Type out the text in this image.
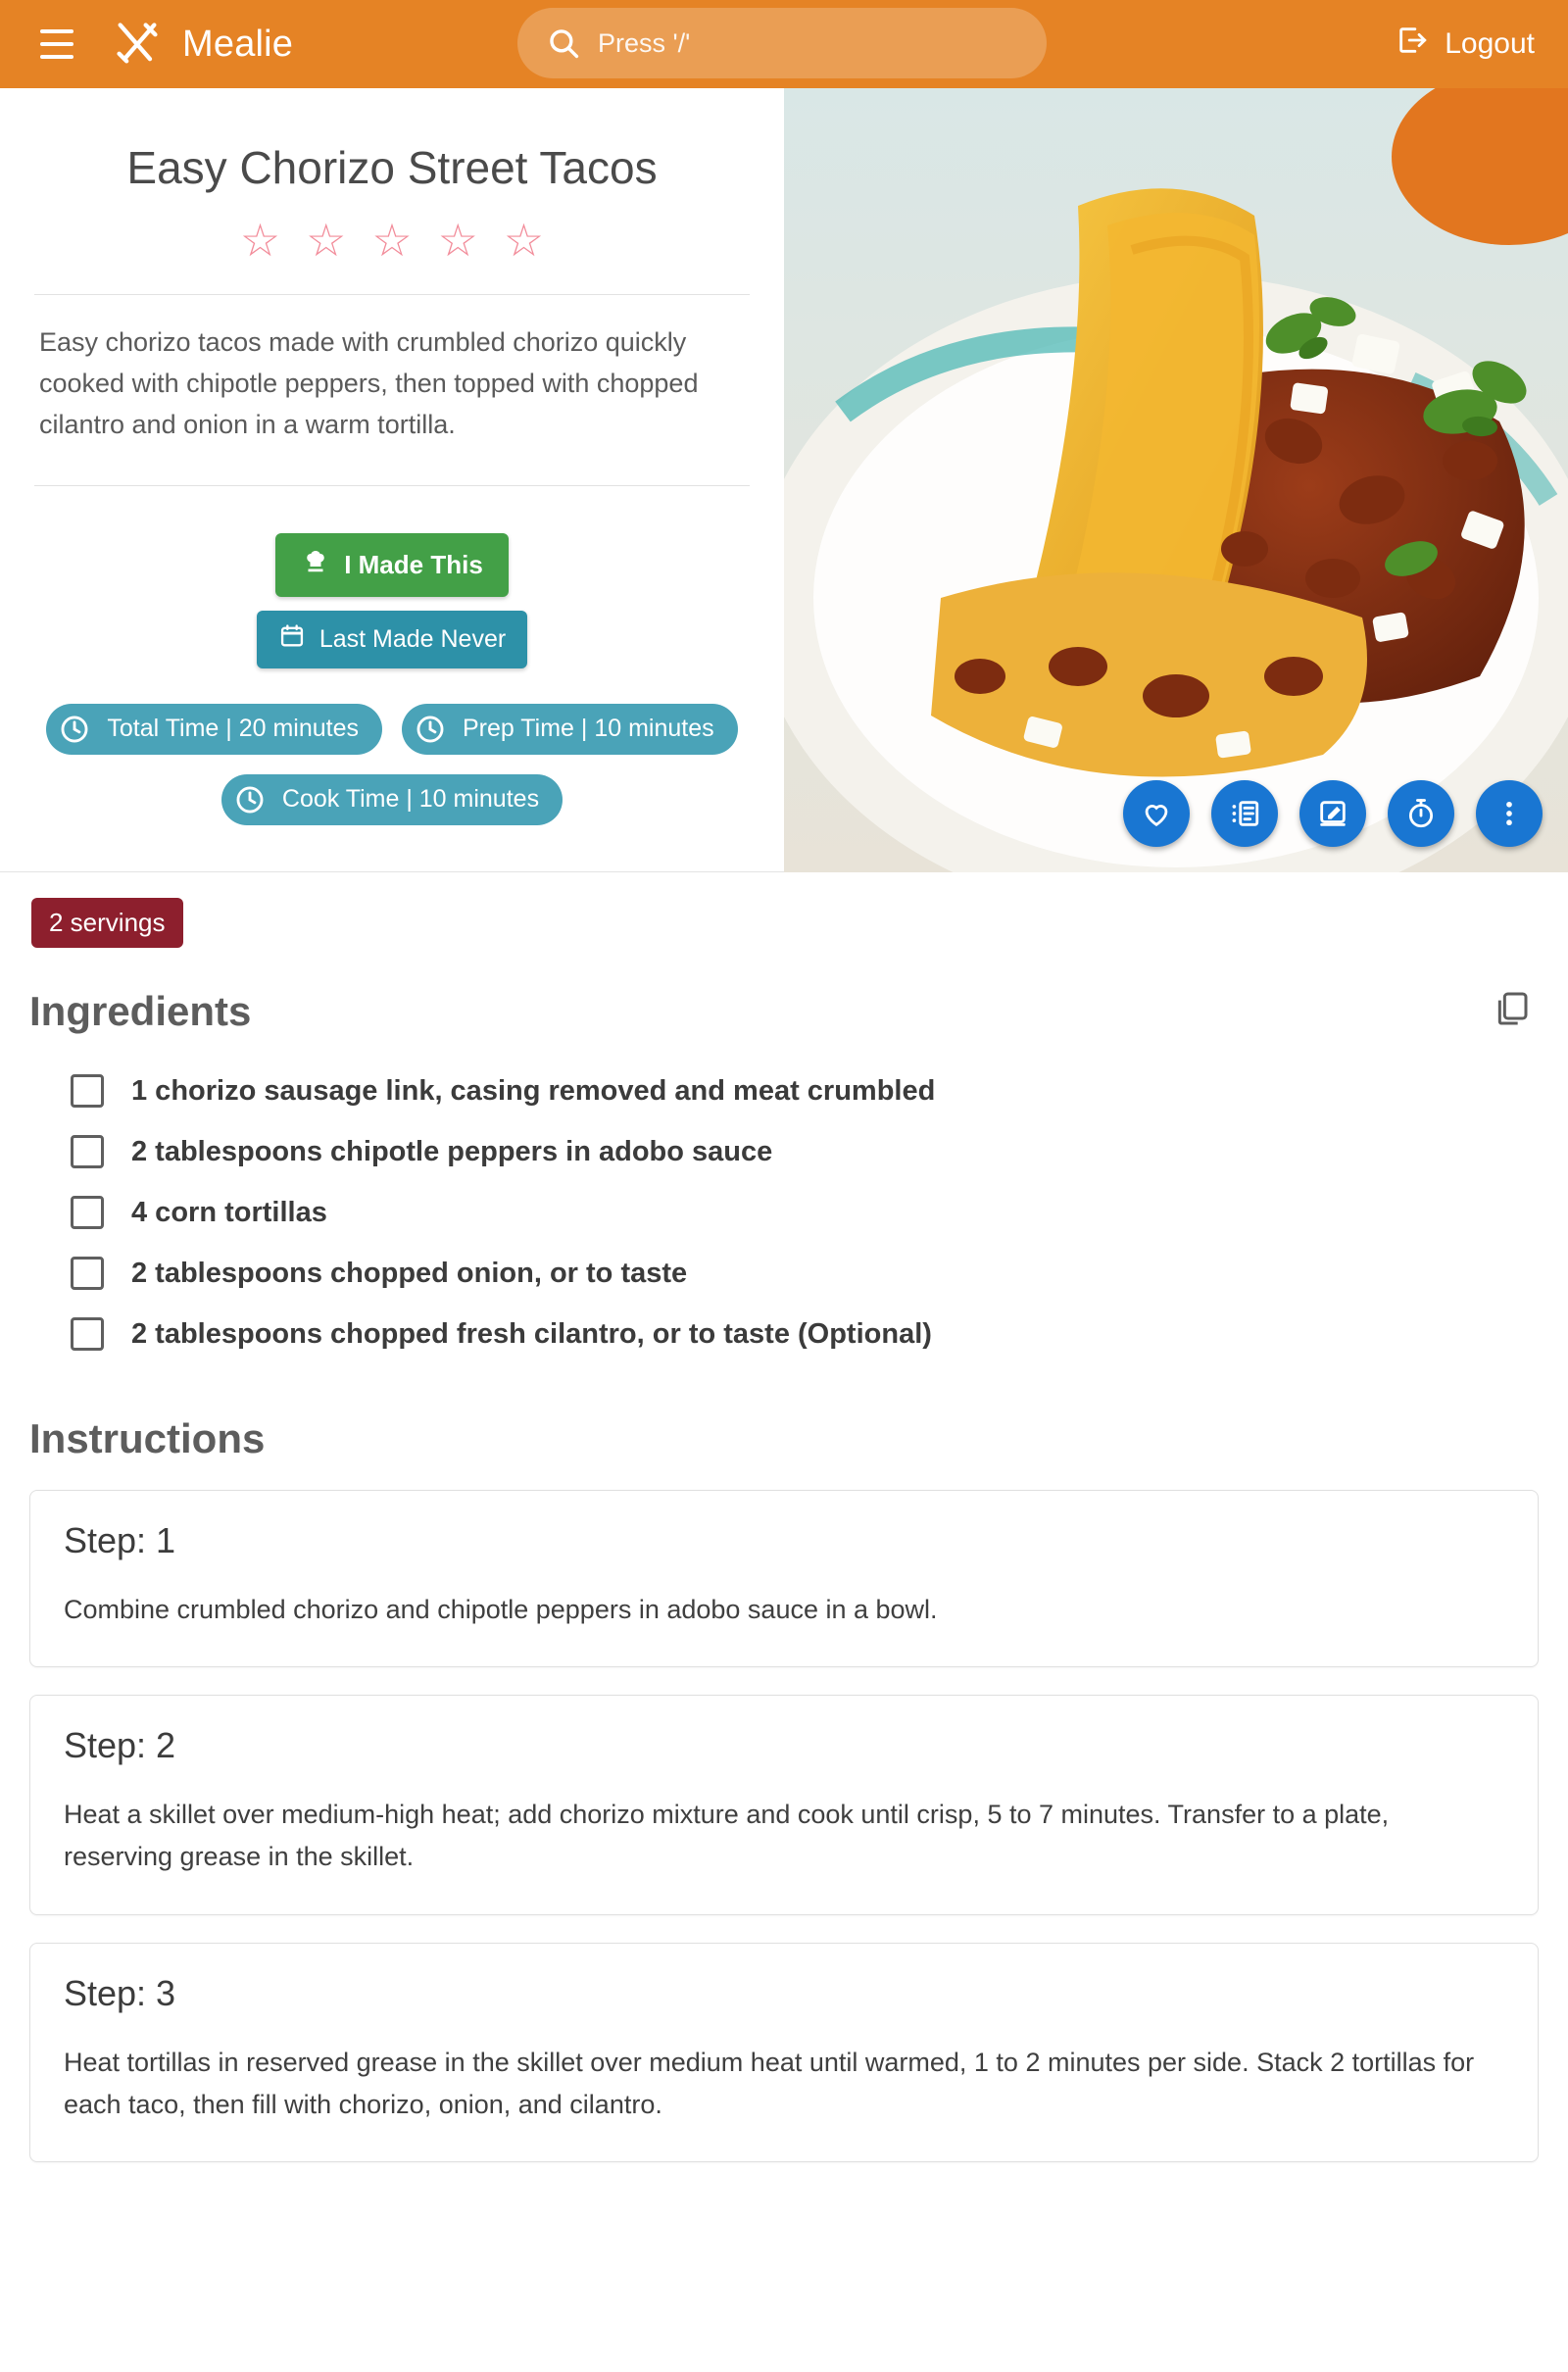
Mealie	Press '/'	Logout
Easy Chorizo Street Tacos
☆ ☆ ☆ ☆ ☆
Easy chorizo tacos made with crumbled chorizo quickly cooked with chipotle peppers, then topped with chopped cilantro and onion in a warm tortilla.
I Made This
Last Made Never
Total Time | 20 minutes	Prep Time | 10 minutes
Cook Time | 10 minutes
2 servings
Ingredients
1 chorizo sausage link, casing removed and meat crumbled
2 tablespoons chipotle peppers in adobo sauce
4 corn tortillas
2 tablespoons chopped onion, or to taste
2 tablespoons chopped fresh cilantro, or to taste (Optional)
Instructions
Step: 1
Combine crumbled chorizo and chipotle peppers in adobo sauce in a bowl.
Step: 2
Heat a skillet over medium-high heat; add chorizo mixture and cook until crisp, 5 to 7 minutes. Transfer to a plate, reserving grease in the skillet.
Step: 3
Heat tortillas in reserved grease in the skillet over medium heat until warmed, 1 to 2 minutes per side. Stack 2 tortillas for each taco, then fill with chorizo, onion, and cilantro.
